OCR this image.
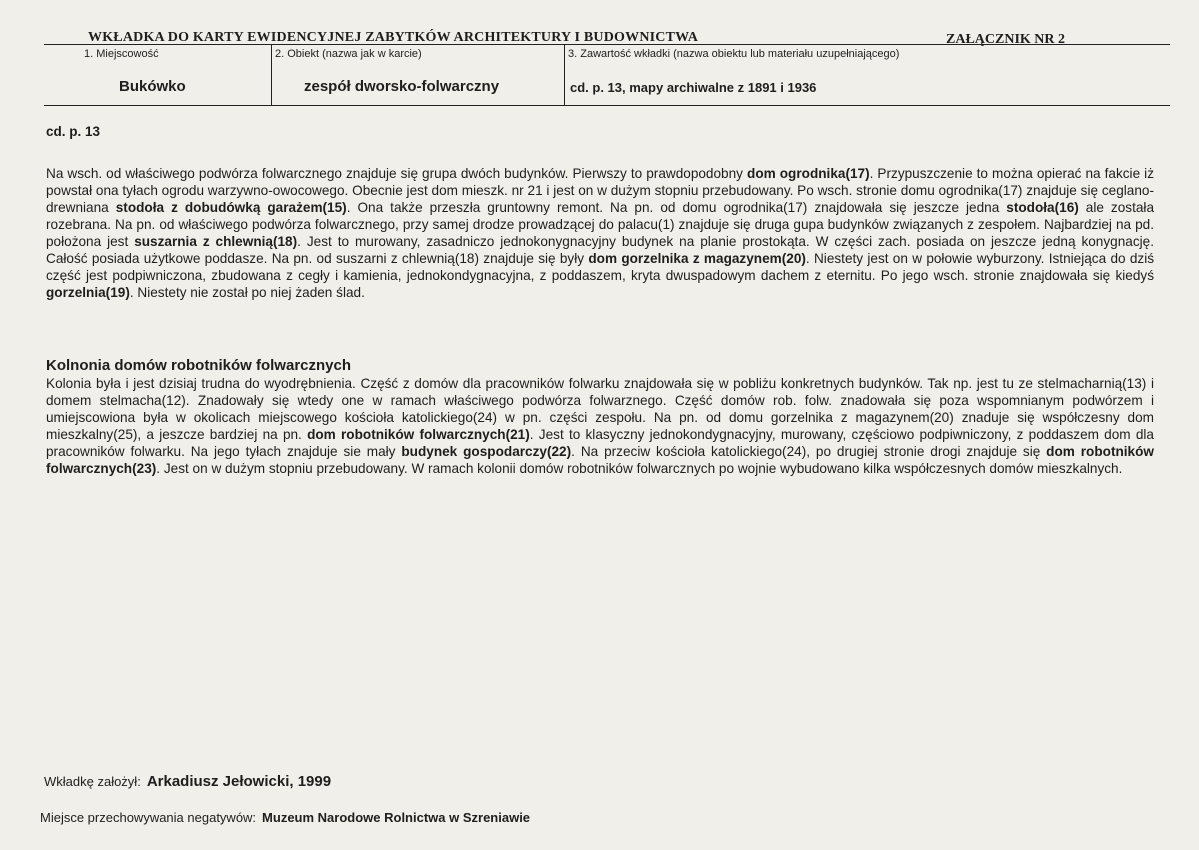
WKŁADKA DO KARTY EWIDENCYJNEJ ZABYTKÓW ARCHITEKTURY I BUDOWNICTWA	ZAŁĄCZNIK NR 2
1. Miejscowość
Bukówko
2. Obiekt (nazwa jak w karcie)
zespół dworsko-folwarczny
3. Zawartość wkładki (nazwa obiektu lub materiału uzupełniającego)
cd. p. 13, mapy archiwalne z 1891 i 1936
cd. p. 13

Na wsch. od właściwego podwórza folwarcznego znajduje się grupa dwóch budynków. Pierwszy to prawdopodobny dom ogrodnika(17). Przypuszczenie to można opierać na fakcie iż powstał ona tyłach ogrodu warzywno-owocowego. Obecnie jest dom mieszk. nr 21 i jest on w dużym stopniu przebudowany. Po wsch. stronie domu ogrodnika(17) znajduje się ceglano-drewniana stodoła z dobudówką garażem(15). Ona także przeszła gruntowny remont. Na pn. od domu ogrodnika(17) znajdowała się jeszcze jedna stodoła(16) ale została rozebrana. Na pn. od właściwego podwórza folwarcznego, przy samej drodze prowadzącej do palacu(1) znajduje się druga gupa budynków związanych z zespołem. Najbardziej na pd. położona jest suszarnia z chlewnią(18). Jest to murowany, zasadniczo jednokonygnacyjny budynek na planie prostokąta. W części zach. posiada on jeszcze jedną konygnację. Całość posiada użytkowe poddasze. Na pn. od suszarni z chlewnią(18) znajduje się były dom gorzelnika z magazynem(20). Niestety jest on w połowie wyburzony. Istniejąca do dziś część jest podpiwniczona, zbudowana z cegły i kamienia, jednokondygnacyjna, z poddaszem, kryta dwuspadowym dachem z eternitu. Po jego wsch. stronie znajdowała się kiedyś gorzelnia(19). Niestety nie został po niej żaden ślad.

Kolnonia domów robotników folwarcznych

Kolonia była i jest dzisiaj trudna do wyodrębnienia. Część z domów dla pracowników folwarku znajdowała się w pobliżu konkretnych budynków. Tak np. jest tu ze stelmacharnią(13) i domem stelmacha(12). Znadowały się wtedy one w ramach właściwego podwórza folwarznego. Część domów rob. folw. znadowała się poza wspomnianym podwórzem i umiejscowiona była w okolicach miejscowego kościoła katolickiego(24) w pn. części zespołu. Na pn. od domu gorzelnika z magazynem(20) znaduje się współczesny dom mieszkalny(25), a jeszcze bardziej na pn. dom robotników folwarcznych(21). Jest to klasyczny jednokondygnacyjny, murowany, częściowo podpiwniczony, z poddaszem dom dla pracowników folwarku. Na jego tyłach znajduje sie mały budynek gospodarczy(22). Na przeciw kościoła katolickiego(24), po drugiej stronie drogi znajduje się dom robotników folwarcznych(23). Jest on w dużym stopniu przebudowany. W ramach kolonii domów robotników folwarcznych po wojnie wybudowano kilka współczesnych domów mieszkalnych.

Wkładkę założył: Arkadiusz Jełowicki, 1999
Miejsce przechowywania negatywów: Muzeum Narodowe Rolnictwa w Szreniawie
